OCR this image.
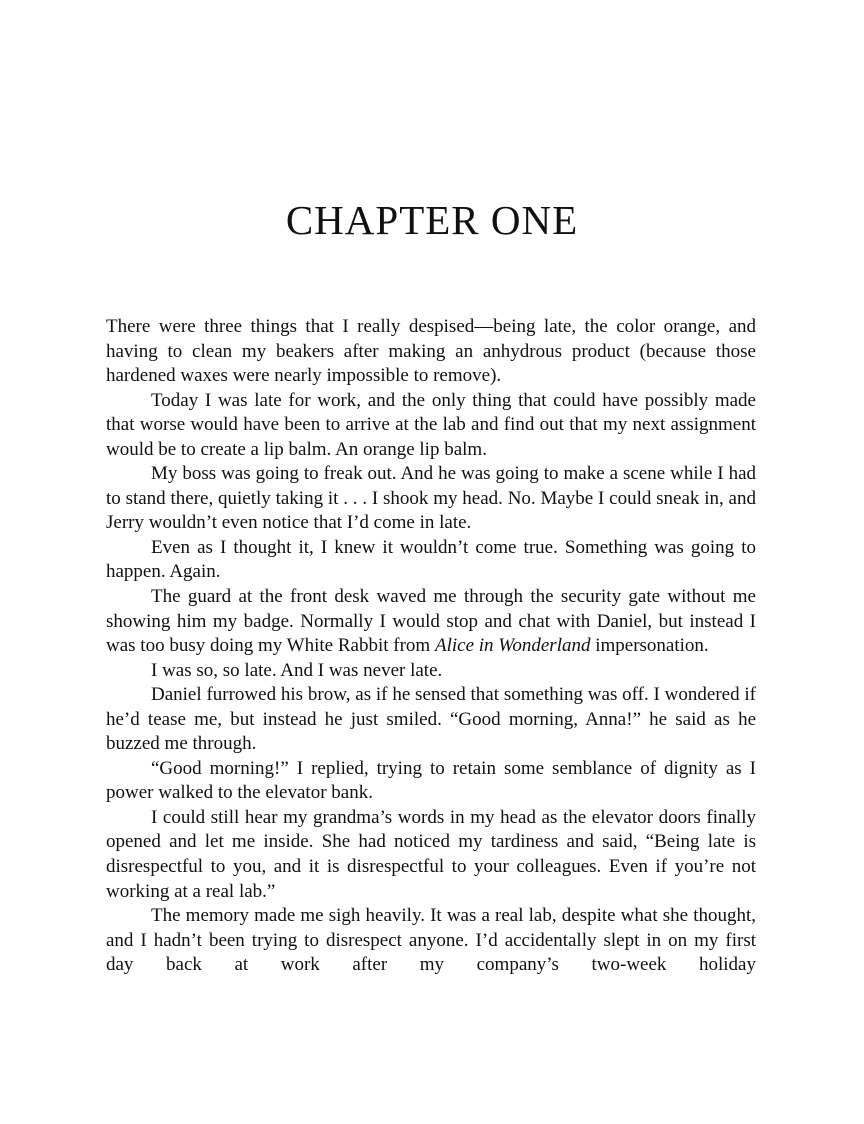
CHAPTER ONE

There were three things that I really despised—being late, the color orange, and having to clean my beakers after making an anhydrous product (because those hardened waxes were nearly impossible to remove).

Today I was late for work, and the only thing that could have possibly made that worse would have been to arrive at the lab and find out that my next assignment would be to create a lip balm. An orange lip balm.

My boss was going to freak out. And he was going to make a scene while I had to stand there, quietly taking it . . . I shook my head. No. Maybe I could sneak in, and Jerry wouldn’t even notice that I’d come in late.

Even as I thought it, I knew it wouldn’t come true. Something was going to happen. Again.

The guard at the front desk waved me through the security gate without me showing him my badge. Normally I would stop and chat with Daniel, but instead I was too busy doing my White Rabbit from Alice in Wonderland impersonation.

I was so, so late. And I was never late.

Daniel furrowed his brow, as if he sensed that something was off. I wondered if he’d tease me, but instead he just smiled. “Good morning, Anna!” he said as he buzzed me through.

“Good morning!” I replied, trying to retain some semblance of dignity as I power walked to the elevator bank.

I could still hear my grandma’s words in my head as the elevator doors finally opened and let me inside. She had noticed my tardiness and said, “Being late is disrespectful to you, and it is disrespectful to your colleagues. Even if you’re not working at a real lab.”

The memory made me sigh heavily. It was a real lab, despite what she thought, and I hadn’t been trying to disrespect anyone. I’d accidentally slept in on my first day back at work after my company’s two-week holiday
